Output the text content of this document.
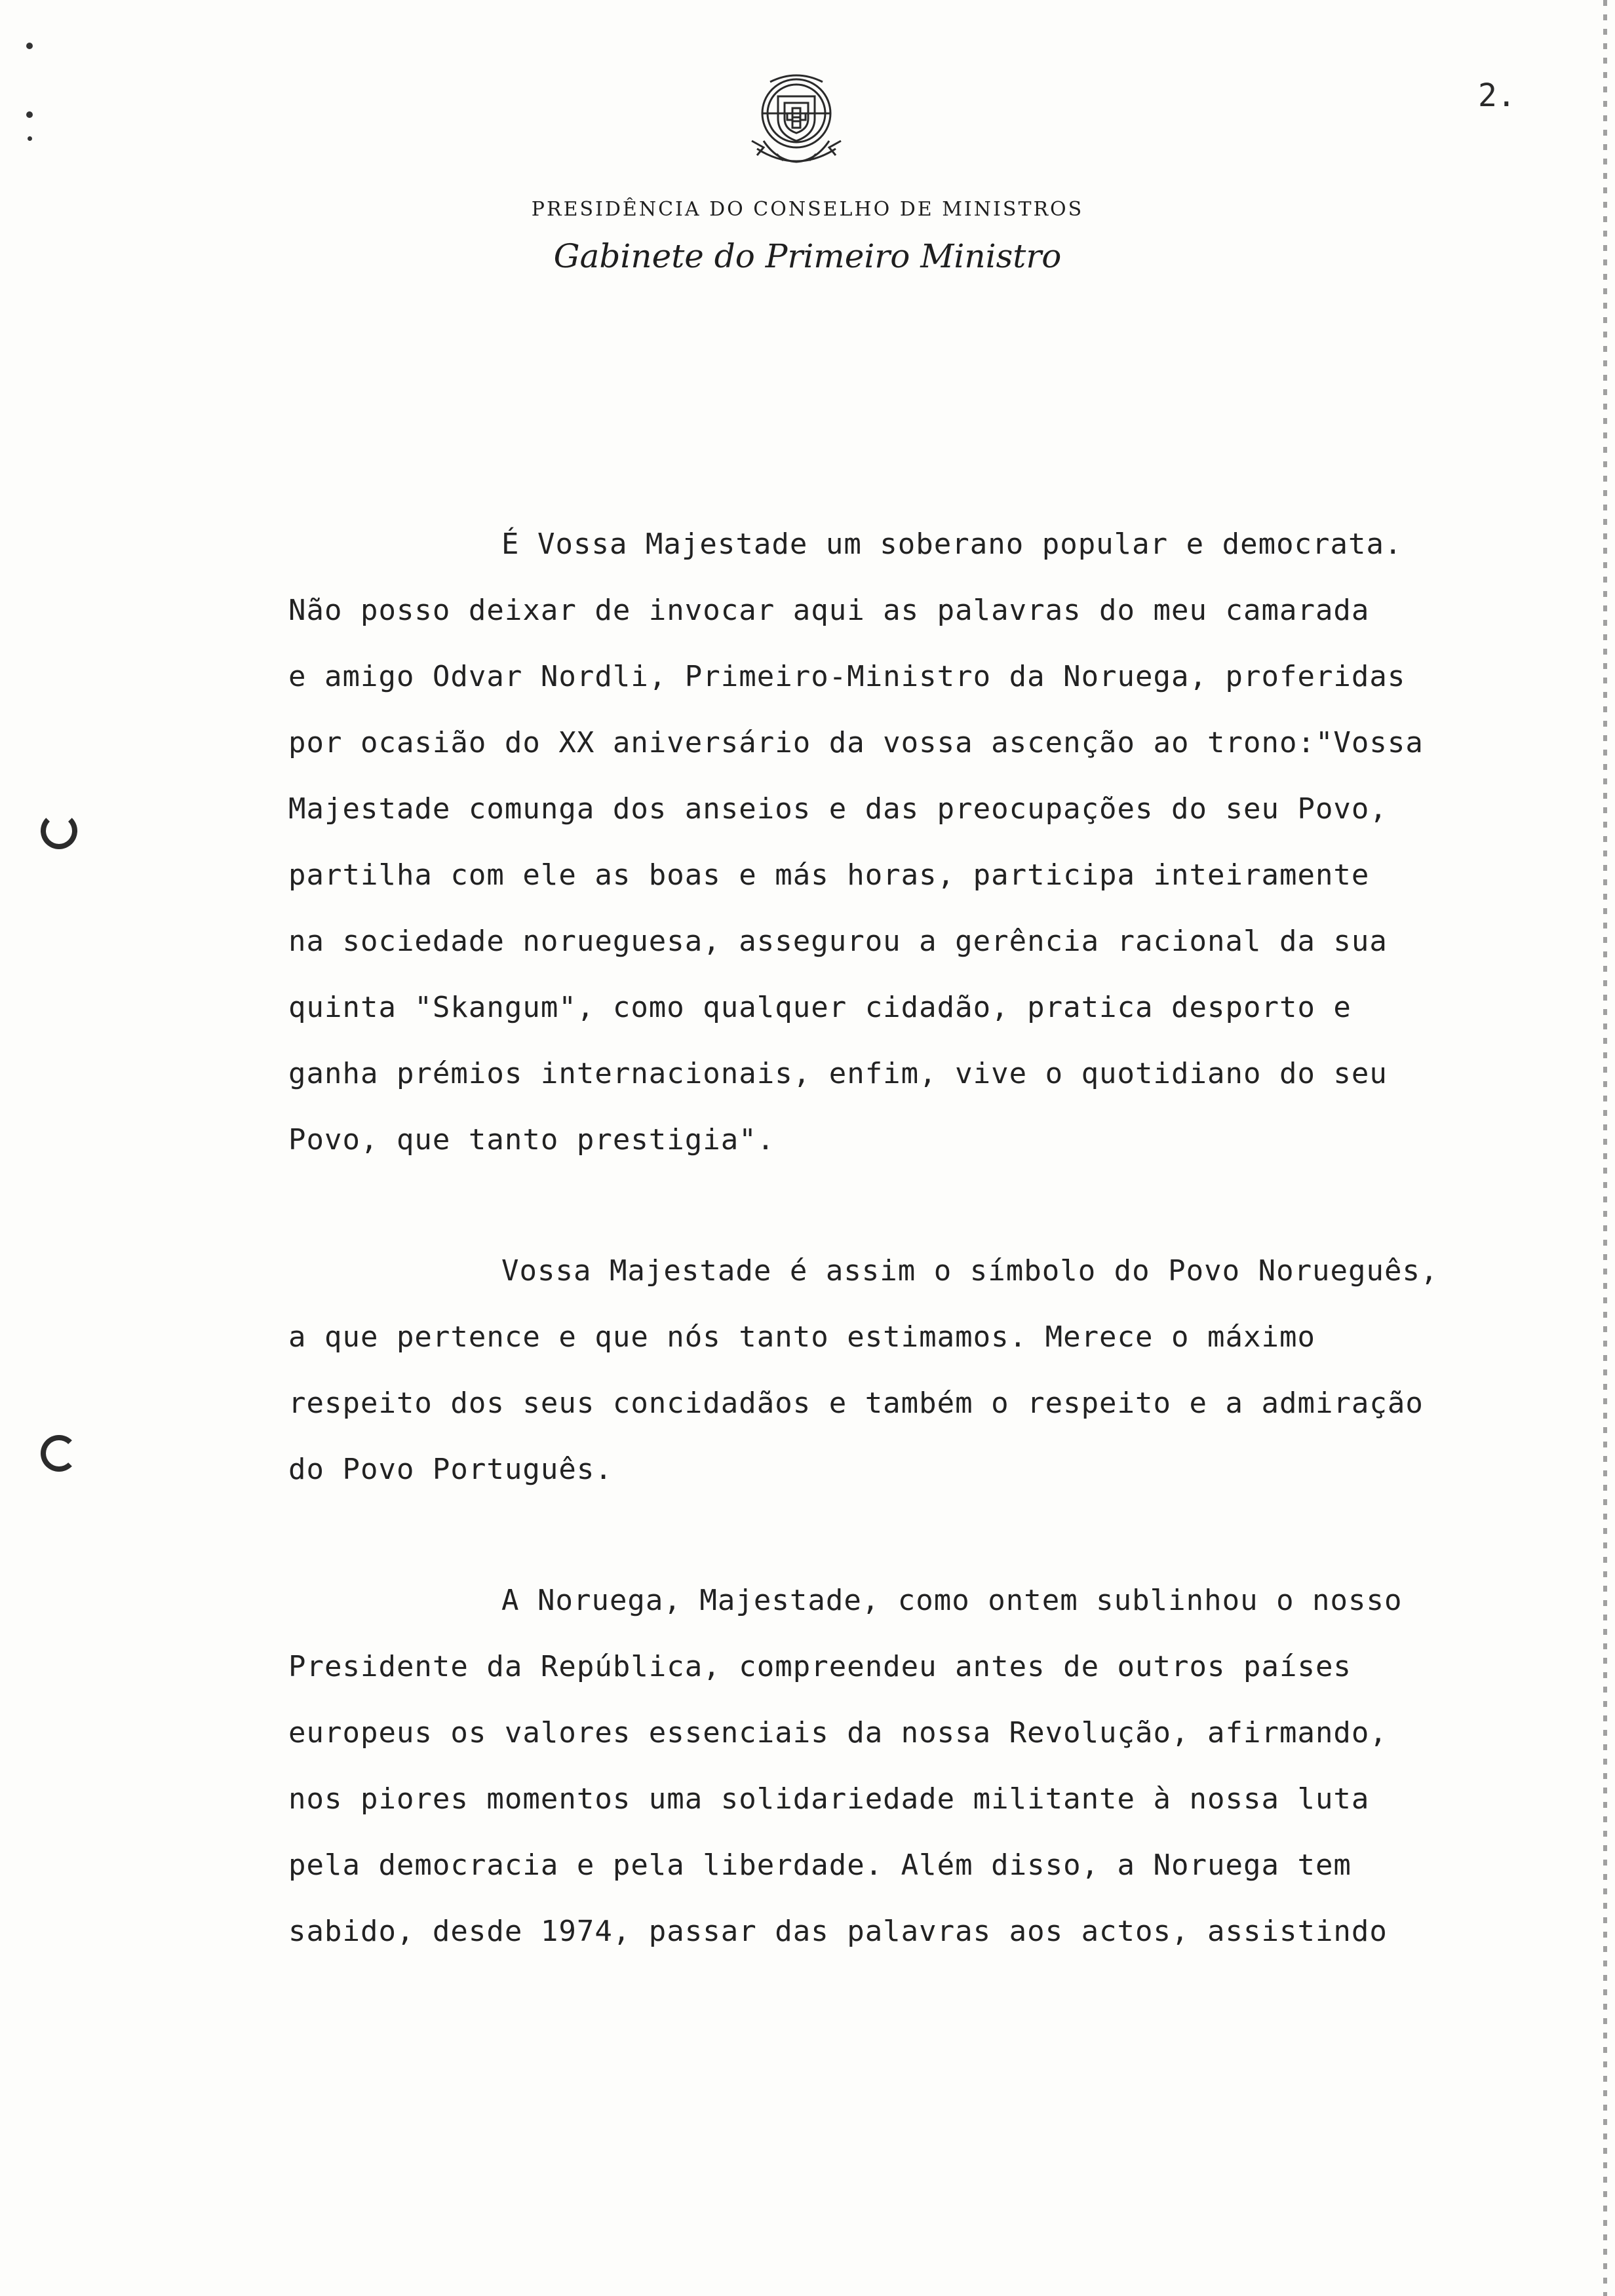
2.
PRESIDÊNCIA DO CONSELHO DE MINISTROS
Gabinete do Primeiro Ministro
É Vossa Majestade um soberano popular e democrata.
Não posso deixar de invocar aqui as palavras do meu camarada
e amigo Odvar Nordli, Primeiro-Ministro da Noruega, proferidas
por ocasião do XX aniversário da vossa ascenção ao trono:"Vossa
Majestade comunga dos anseios e das preocupações do seu Povo,
partilha com ele as boas e más horas, participa inteiramente
na sociedade norueguesa, assegurou a gerência racional da sua
quinta "Skangum", como qualquer cidadão, pratica desporto e
ganha prémios internacionais, enfim, vive o quotidiano do seu
Povo, que tanto prestigia".
Vossa Majestade é assim o símbolo do Povo Norueguês,
a que pertence e que nós tanto estimamos. Merece o máximo
respeito dos seus concidadãos e também o respeito e a admiração
do Povo Português.
A Noruega, Majestade, como ontem sublinhou o nosso
Presidente da República, compreendeu antes de outros países
europeus os valores essenciais da nossa Revolução, afirmando,
nos piores momentos uma solidariedade militante à nossa luta
pela democracia e pela liberdade. Além disso, a Noruega tem
sabido, desde 1974, passar das palavras aos actos, assistindo
